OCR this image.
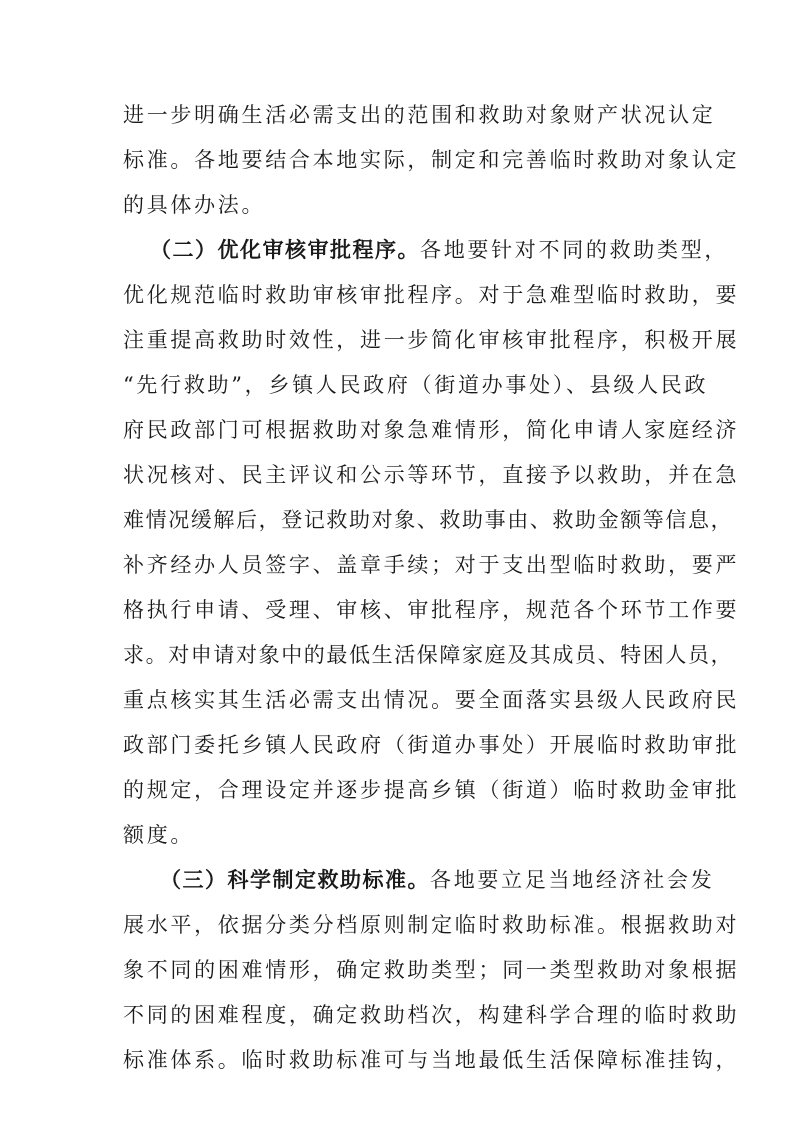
进一步明确生活必需支出的范围和救助对象财产状况认定
标准。各地要结合本地实际，制定和完善临时救助对象认定
的具体办法。
（二）优化审核审批程序。各地要针对不同的救助类型，
优化规范临时救助审核审批程序。对于急难型临时救助，要
注重提高救助时效性，进一步简化审核审批程序，积极开展
“先行救助”，乡镇人民政府（街道办事处）、县级人民政
府民政部门可根据救助对象急难情形，简化申请人家庭经济
状况核对、民主评议和公示等环节，直接予以救助，并在急
难情况缓解后，登记救助对象、救助事由、救助金额等信息，
补齐经办人员签字、盖章手续；对于支出型临时救助，要严
格执行申请、受理、审核、审批程序，规范各个环节工作要
求。对申请对象中的最低生活保障家庭及其成员、特困人员，
重点核实其生活必需支出情况。要全面落实县级人民政府民
政部门委托乡镇人民政府（街道办事处）开展临时救助审批
的规定，合理设定并逐步提高乡镇（街道）临时救助金审批
额度。
（三）科学制定救助标准。各地要立足当地经济社会发
展水平，依据分类分档原则制定临时救助标准。根据救助对
象不同的困难情形，确定救助类型；同一类型救助对象根据
不同的困难程度，确定救助档次，构建科学合理的临时救助
标准体系。临时救助标准可与当地最低生活保障标准挂钩，
